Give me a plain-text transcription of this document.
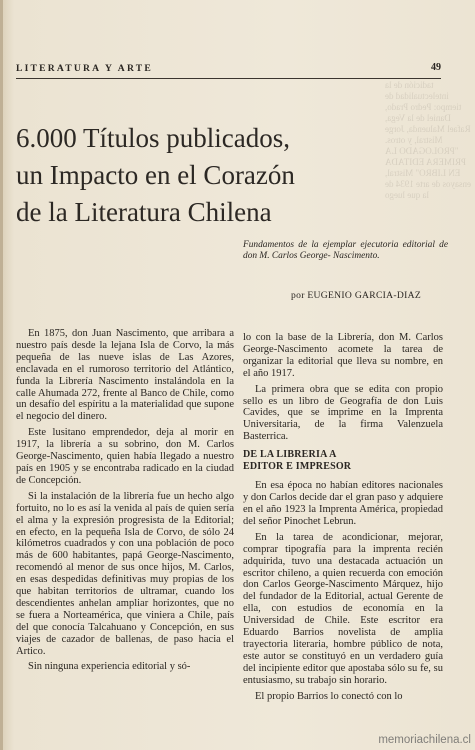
tadición de la intelectualidad de tiempo: Pedro Prado, Daniel de la Vega, Rafael Maluenda, Jorge Mistral, y otros. "PROLOGADO LA PRIMERA EDITADA EN LIBRO" Mistral, ensayos de arte 1934 de la que luego
LITERATURA Y ARTE	49
6.000 Títulos publicados,
un Impacto en el Corazón
de la Literatura Chilena
Fundamentos de la ejemplar ejecutoria editorial de don M. Carlos George- Nascimento.
por EUGENIO GARCIA-DIAZ

En 1875, don Juan Nascimento, que arribara a nuestro país desde la lejana Isla de Corvo, la más pequeña de las nueve islas de Las Azores, enclavada en el rumoroso territorio del Atlántico, funda la Librería Nascimento instalándola en la calle Ahumada 272, frente al Banco de Chile, como un desafío del espíritu a la materialidad que supone el negocio del dinero.

Este lusitano emprendedor, deja al morir en 1917, la librería a su sobrino, don M. Carlos George-Nascimento, quien había llegado a nuestro país en 1905 y se encontraba radicado en la ciudad de Concepción.

Si la instalación de la librería fue un hecho algo fortuito, no lo es así la venida al país de quien sería el alma y la expresión progresista de la Editorial; en efecto, en la pequeña Isla de Corvo, de sólo 24 kilómetros cuadrados y con una población de poco más de 600 habitantes, papá George-Nascimento, recomendó al menor de sus once hijos, M. Carlos, en esas despedidas definitivas muy propias de los que habitan territorios de ultramar, cuando los descendientes anhelan ampliar horizontes, que no se fuera a Norteamérica, que viniera a Chile, país del que conocía Talcahuano y Concepción, en sus viajes de cazador de ballenas, de paso hacia el Artico.

Sin ninguna experiencia editorial y só-

lo con la base de la Librería, don M. Carlos George-Nascimento acomete la tarea de organizar la editorial que lleva su nombre, en el año 1917.

La primera obra que se edita con propio sello es un libro de Geografía de don Luis Cavides, que se imprime en la Imprenta Universitaria, de la firma Valenzuela Basterrica.

DE LA LIBRERIA A
EDITOR E IMPRESOR

En esa época no habían editores nacionales y don Carlos decide dar el gran paso y adquiere en el año 1923 la Imprenta América, propiedad del señor Pinochet Lebrun.

En la tarea de acondicionar, mejorar, comprar tipografía para la imprenta recién adquirida, tuvo una destacada actuación un escritor chileno, a quien recuerda con emoción don Carlos George-Nascimento Márquez, hijo del fundador de la Editorial, actual Gerente de ella, con estudios de economía en la Universidad de Chile. Este escritor era Eduardo Barrios novelista de amplia trayectoria literaria, hombre público de nota, este autor se constituyó en un verdadero guía del incipiente editor que apostaba sólo su fe, su entusiasmo, su trabajo sin horario.

El propio Barrios lo conectó con lo

memoriachilena.cl
